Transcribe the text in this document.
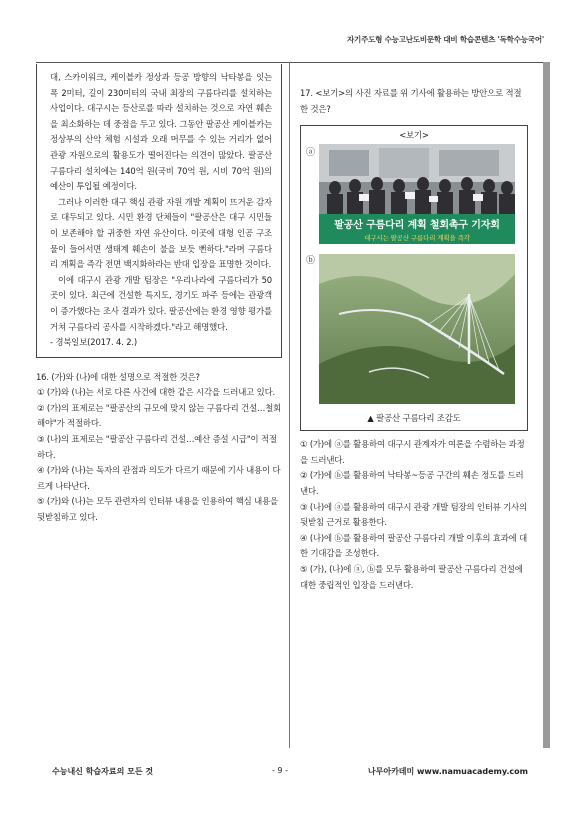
자기주도형 수능고난도비문학 대비 학습콘텐츠 '독학수능국어'

대, 스카이워크, 케이블카 정상과 등공 방향의 낙타봉을 잇는 폭 2미터, 길이 230미터의 국내 최장의 구름다리를 설치하는 사업이다. 대구시는 등산로를 따라 설치하는 것으로 자연 훼손을 최소화하는 데 중점을 두고 있다. 그동안 팔공산 케이블카는 정상부의 산악 체험 시설과 오래 머무를 수 있는 거리가 없어 관광 자원으로의 활용도가 떨어진다는 의견이 많았다. 팔공산 구름다리 설치에는 140억 원(국비 70억 원, 시비 70억 원)의 예산이 투입될 예정이다.

그러나 이러한 대구 핵심 관광 자원 개발 계획이 뜨거운 감자로 대두되고 있다. 시민 환경 단체들이 "팔공산은 대구 시민들이 보존해야 할 귀중한 자연 유산이다. 이곳에 대형 인공 구조물이 들어서면 생태계 훼손이 불을 보듯 뻔하다."라며 구름다리 계획을 즉각 전면 백지화하라는 반대 입장을 표명한 것이다.

이에 대구시 관광 개발 팀장은 "우리나라에 구름다리가 50곳이 있다. 최근에 건설한 특지도, 경기도 파주 등에는 관광객이 증가했다는 조사 결과가 있다. 팔공산에는 환경 영향 평가를 거쳐 구름다리 공사를 시작하겠다."라고 해명했다.

- 경북일보(2017. 4. 2.)

16. (가)와 (나)에 대한 설명으로 적절한 것은?

① (가)와 (나)는 서로 다른 사건에 대한 같은 시각을 드러내고 있다.

② (가)의 표제로는 "팔공산의 규모에 맞지 않는 구름다리 건설…철회해야"가 적절하다.

③ (나)의 표제로는 "팔공산 구름다리 건설…예산 증설 시급"이 적절하다.

④ (가)와 (나)는 독자의 관점과 의도가 다르기 때문에 기사 내용이 다르게 나타난다.

⑤ (가)와 (나)는 모두 관련자의 인터뷰 내용을 인용하여 핵심 내용을 뒷받침하고 있다.

17. <보기>의 사진 자료를 위 기사에 활용하는 방안으로 적절한 것은?

<보기>
ⓐ
팔공산 구름다리 계획 철회촉구 기자회
대구시는 팔공산 구름다리 계획을 즉각
ⓑ
▲ 팔공산 구름다리 조감도

① (가)에 ⓐ를 활용하여 대구시 관계자가 여론을 수렴하는 과정을 드러낸다.

② (가)에 ⓑ를 활용하여 낙타봉~등공 구간의 훼손 정도를 드러낸다.

③ (나)에 ⓐ를 활용하여 대구시 관광 개발 팀장의 인터뷰 기사의 뒷받침 근거로 활용한다.

④ (나)에 ⓑ를 활용하여 팔공산 구름다리 개발 이후의 효과에 대한 기대감을 조성한다.

⑤ (가), (나)에 ⓐ, ⓑ를 모두 활용하여 팔공산 구름다리 건설에 대한 중립적인 입장을 드러낸다.

수능내신 학습자료의 모든 것	- 9 -	나무아카데미 www.namuacademy.com
